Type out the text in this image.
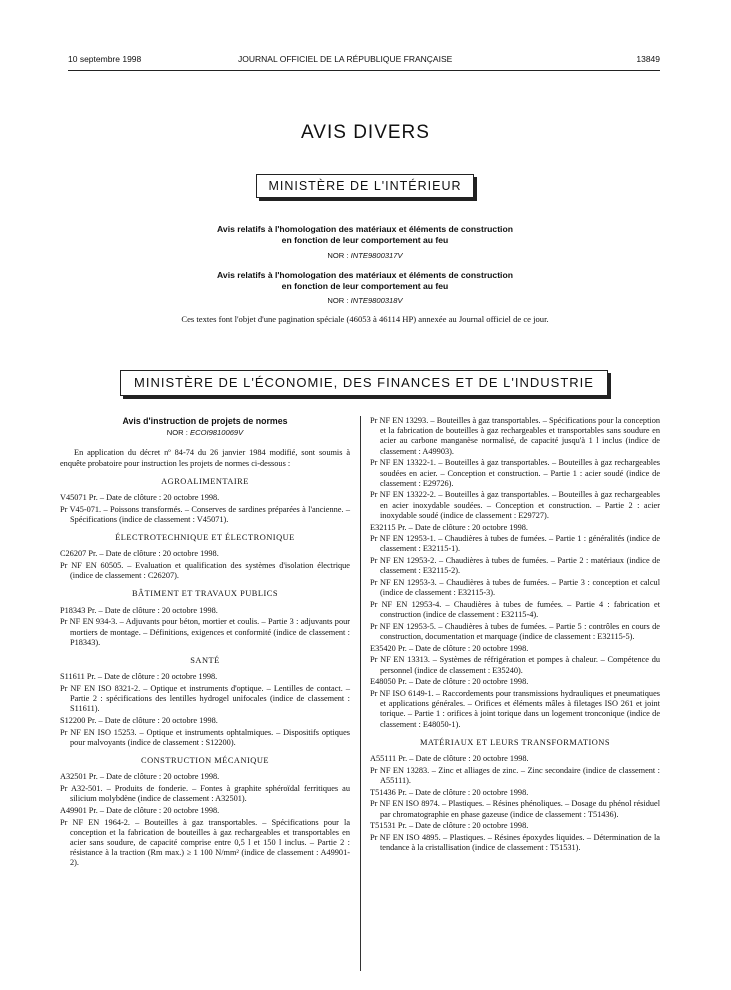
10 septembre 1998	JOURNAL OFFICIEL DE LA RÉPUBLIQUE FRANÇAISE	13849
AVIS DIVERS
MINISTÈRE DE L'INTÉRIEUR
Avis relatifs à l'homologation des matériaux et éléments de construction
en fonction de leur comportement au feu
NOR : INTE9800317V
Avis relatifs à l'homologation des matériaux et éléments de construction
en fonction de leur comportement au feu
NOR : INTE9800318V
Ces textes font l'objet d'une pagination spéciale (46053 à 46114 HP) annexée au Journal officiel de ce jour.
MINISTÈRE DE L'ÉCONOMIE, DES FINANCES ET DE L'INDUSTRIE
Avis d'instruction de projets de normes
NOR : ECOI9810069V
En application du décret nº 84-74 du 26 janvier 1984 modifié, sont soumis à enquête probatoire pour instruction les projets de normes ci-dessous :
AGROALIMENTAIRE
V45071 Pr. – Date de clôture : 20 octobre 1998.
Pr V45-071. – Poissons transformés. – Conserves de sardines préparées à l'ancienne. – Spécifications (indice de classement : V45071).
ÉLECTROTECHNIQUE ET ÉLECTRONIQUE
C26207 Pr. – Date de clôture : 20 octobre 1998.
Pr NF EN 60505. – Evaluation et qualification des systèmes d'isolation électrique (indice de classement : C26207).
BÂTIMENT ET TRAVAUX PUBLICS
P18343 Pr. – Date de clôture : 20 octobre 1998.
Pr NF EN 934-3. – Adjuvants pour béton, mortier et coulis. – Partie 3 : adjuvants pour mortiers de montage. – Définitions, exigences et conformité (indice de classement : P18343).
SANTÉ
S11611 Pr. – Date de clôture : 20 octobre 1998.
Pr NF EN ISO 8321-2. – Optique et instruments d'optique. – Lentilles de contact. – Partie 2 : spécifications des lentilles hydrogel unifocales (indice de classement : S11611).
S12200 Pr. – Date de clôture : 20 octobre 1998.
Pr NF EN ISO 15253. – Optique et instruments ophtalmiques. – Dispositifs optiques pour malvoyants (indice de classement : S12200).
CONSTRUCTION MÉCANIQUE
A32501 Pr. – Date de clôture : 20 octobre 1998.
Pr A32-501. – Produits de fonderie. – Fontes à graphite sphéroïdal ferritiques au silicium molybdène (indice de classement : A32501).
A49901 Pr. – Date de clôture : 20 octobre 1998.
Pr NF EN 1964-2. – Bouteilles à gaz transportables. – Spécifications pour la conception et la fabrication de bouteilles à gaz rechargeables et transportables en acier sans soudure, de capacité comprise entre 0,5 l et 150 l inclus. – Partie 2 : résistance à la traction (Rm max.) ≥ 1 100 N/mm² (indice de classement : A49901-2).
Pr NF EN 13293. – Bouteilles à gaz transportables. – Spécifications pour la conception et la fabrication de bouteilles à gaz rechargeables et transportables sans soudure en acier au carbone manganèse normalisé, de capacité jusqu'à 1 l inclus (indice de classement : A49903).
Pr NF EN 13322-1. – Bouteilles à gaz transportables. – Bouteilles à gaz rechargeables soudées en acier. – Conception et construction. – Partie 1 : acier soudé (indice de classement : E29726).
Pr NF EN 13322-2. – Bouteilles à gaz transportables. – Bouteilles à gaz rechargeables en acier inoxydable soudées. – Conception et construction. – Partie 2 : acier inoxydable soudé (indice de classement : E29727).
E32115 Pr. – Date de clôture : 20 octobre 1998.
Pr NF EN 12953-1. – Chaudières à tubes de fumées. – Partie 1 : généralités (indice de classement : E32115-1).
Pr NF EN 12953-2. – Chaudières à tubes de fumées. – Partie 2 : matériaux (indice de classement : E32115-2).
Pr NF EN 12953-3. – Chaudières à tubes de fumées. – Partie 3 : conception et calcul (indice de classement : E32115-3).
Pr NF EN 12953-4. – Chaudières à tubes de fumées. – Partie 4 : fabrication et construction (indice de classement : E32115-4).
Pr NF EN 12953-5. – Chaudières à tubes de fumées. – Partie 5 : contrôles en cours de construction, documentation et marquage (indice de classement : E32115-5).
E35420 Pr. – Date de clôture : 20 octobre 1998.
Pr NF EN 13313. – Systèmes de réfrigération et pompes à chaleur. – Compétence du personnel (indice de classement : E35240).
E48050 Pr. – Date de clôture : 20 octobre 1998.
Pr NF ISO 6149-1. – Raccordements pour transmissions hydrauliques et pneumatiques et applications générales. – Orifices et éléments mâles à filetages ISO 261 et joint torique. – Partie 1 : orifices à joint torique dans un logement tronconique (indice de classement : E48050-1).
MATÉRIAUX ET LEURS TRANSFORMATIONS
A55111 Pr. – Date de clôture : 20 octobre 1998.
Pr NF EN 13283. – Zinc et alliages de zinc. – Zinc secondaire (indice de classement : A55111).
T51436 Pr. – Date de clôture : 20 octobre 1998.
Pr NF EN ISO 8974. – Plastiques. – Résines phénoliques. – Dosage du phénol résiduel par chromatographie en phase gazeuse (indice de classement : T51436).
T51531 Pr. – Date de clôture : 20 octobre 1998.
Pr NF EN ISO 4895. – Plastiques. – Résines époxydes liquides. – Détermination de la tendance à la cristallisation (indice de classement : T51531).
